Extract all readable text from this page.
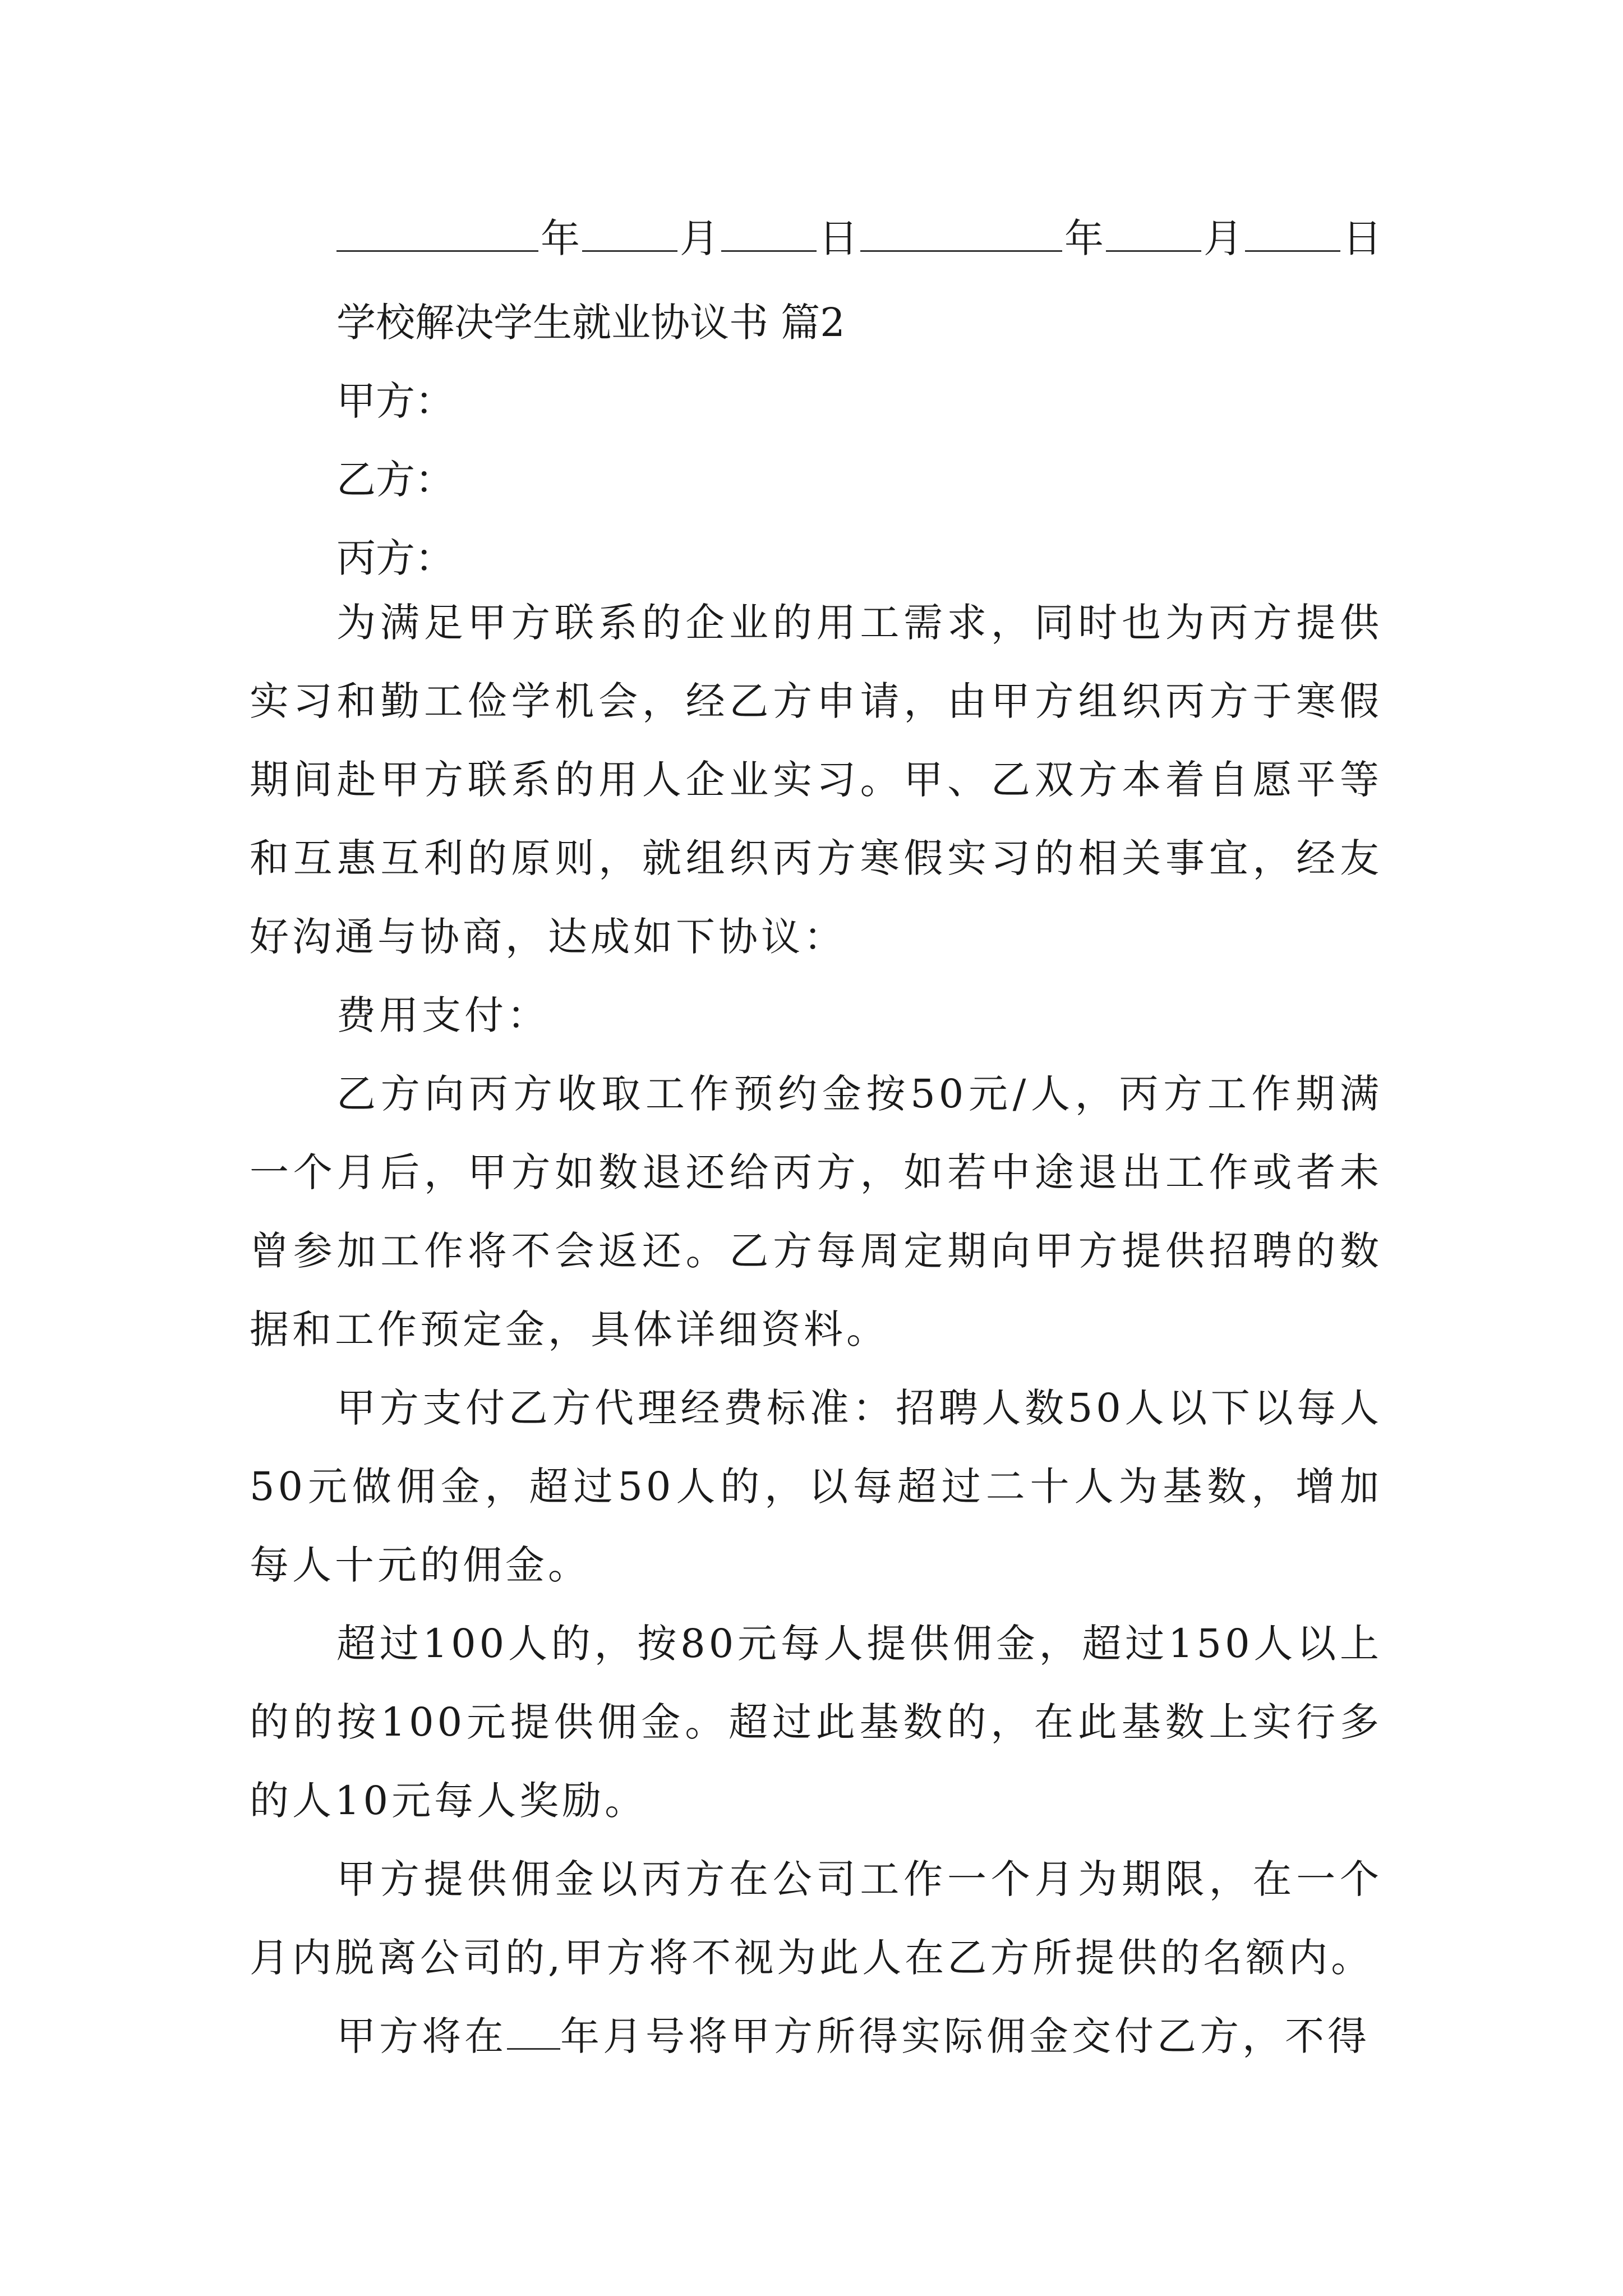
年	月	日	年	月	日
学校解决学生就业协议书 篇2
甲方：
乙方：
丙方：

为满足甲方联系的企业的用工需求，同时也为丙方提供实习和勤工俭学机会，经乙方申请，由甲方组织丙方于寒假期间赴甲方联系的用人企业实习。甲、乙双方本着自愿平等和互惠互利的原则，就组织丙方寒假实习的相关事宜，经友好沟通与协商，达成如下协议：

费用支付：

乙方向丙方收取工作预约金按50元/人，丙方工作期满一个月后，甲方如数退还给丙方，如若中途退出工作或者未曾参加工作将不会返还。乙方每周定期向甲方提供招聘的数据和工作预定金，具体详细资料。

甲方支付乙方代理经费标准：招聘人数50人以下以每人50元做佣金，超过50人的，以每超过二十人为基数，增加每人十元的佣金。

超过100人的，按80元每人提供佣金，超过150人以上的的按100元提供佣金。超过此基数的，在此基数上实行多的人10元每人奖励。

甲方提供佣金以丙方在公司工作一个月为期限，在一个月内脱离公司的,甲方将不视为此人在乙方所提供的名额内。

甲方将在 年月号将甲方所得实际佣金交付乙方，不得
